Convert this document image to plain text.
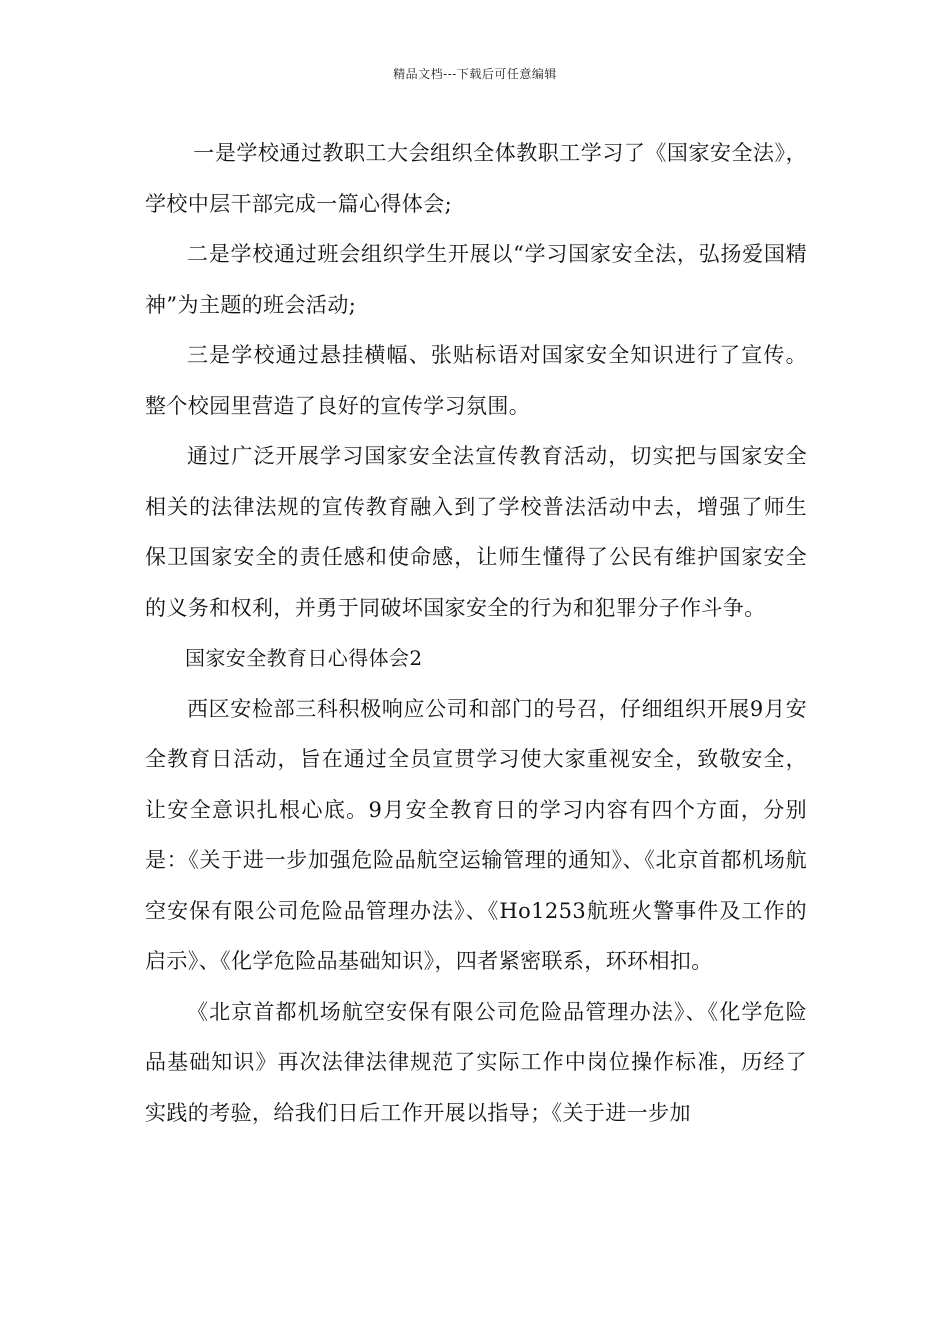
精品文档---下载后可任意编辑

一是学校通过教职工大会组织全体教职工学习了《国家安全法》，学校中层干部完成一篇心得体会;

二是学校通过班会组织学生开展以“学习国家安全法，弘扬爱国精神”为主题的班会活动;

三是学校通过悬挂横幅、张贴标语对国家安全知识进行了宣传。整个校园里营造了良好的宣传学习氛围。

通过广泛开展学习国家安全法宣传教育活动，切实把与国家安全相关的法律法规的宣传教育融入到了学校普法活动中去，增强了师生保卫国家安全的责任感和使命感，让师生懂得了公民有维护国家安全的义务和权利，并勇于同破坏国家安全的行为和犯罪分子作斗争。

国家安全教育日心得体会2

西区安检部三科积极响应公司和部门的号召，仔细组织开展9月安全教育日活动，旨在通过全员宣贯学习使大家重视安全，致敬安全，让安全意识扎根心底。9月安全教育日的学习内容有四个方面，分别是：《关于进一步加强危险品航空运输管理的通知》、《北京首都机场航空安保有限公司危险品管理办法》、《Ho1253航班火警事件及工作的启示》、《化学危险品基础知识》，四者紧密联系，环环相扣。

《北京首都机场航空安保有限公司危险品管理办法》、《化学危险品基础知识》再次法律法律规范了实际工作中岗位操作标准，历经了实践的考验，给我们日后工作开展以指导；《关于进一步加
